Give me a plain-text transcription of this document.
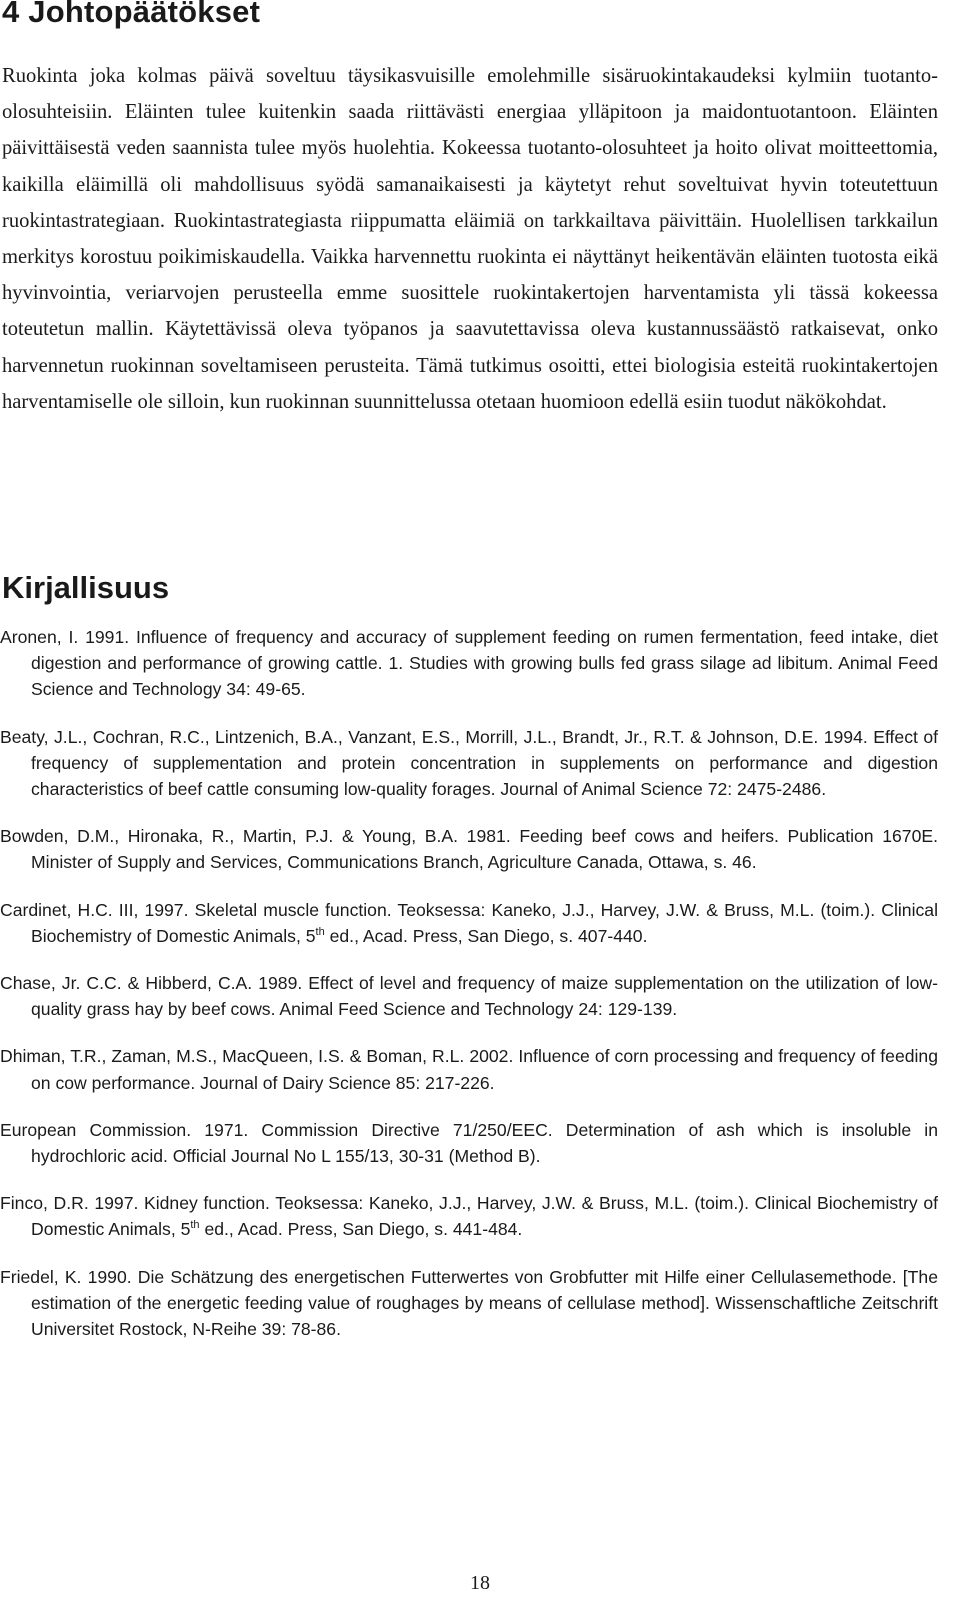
4 Johtopäätökset

Ruokinta joka kolmas päivä soveltuu täysikasvuisille emolehmille sisäruokintakaudeksi kylmiin tuotanto-olosuhteisiin. Eläinten tulee kuitenkin saada riittävästi energiaa ylläpitoon ja maidontuotantoon. Eläinten päivittäisestä veden saannista tulee myös huolehtia. Kokeessa tuotanto-olosuhteet ja hoito olivat moitteettomia, kaikilla eläimillä oli mahdollisuus syödä samanaikaisesti ja käytetyt rehut soveltuivat hyvin toteutettuun ruokintastrategiaan. Ruokintastrategiasta riippumatta eläimiä on tarkkailtava päivittäin. Huolellisen tarkkailun merkitys korostuu poikimiskaudella. Vaikka harvennettu ruokinta ei näyttänyt heikentävän eläinten tuotosta eikä hyvinvointia, veriarvojen perusteella emme suosittele ruokintakertojen harventamista yli tässä kokeessa toteutetun mallin. Käytettävissä oleva työpanos ja saavutettavissa oleva kustannussäästö ratkaisevat, onko harvennetun ruokinnan soveltamiseen perusteita. Tämä tutkimus osoitti, ettei biologisia esteitä ruokintakertojen harventamiselle ole silloin, kun ruokinnan suunnittelussa otetaan huomioon edellä esiin tuodut näkökohdat.

Kirjallisuus
Aronen, I. 1991. Influence of frequency and accuracy of supplement feeding on rumen fermentation, feed intake, diet digestion and performance of growing cattle. 1. Studies with growing bulls fed grass silage ad libitum. Animal Feed Science and Technology 34: 49-65.
Beaty, J.L., Cochran, R.C., Lintzenich, B.A., Vanzant, E.S., Morrill, J.L., Brandt, Jr., R.T. & Johnson, D.E. 1994. Effect of frequency of supplementation and protein concentration in supplements on performance and digestion characteristics of beef cattle consuming low-quality forages. Journal of Animal Science 72: 2475-2486.
Bowden, D.M., Hironaka, R., Martin, P.J. & Young, B.A. 1981. Feeding beef cows and heifers. Publication 1670E. Minister of Supply and Services, Communications Branch, Agriculture Canada, Ottawa, s. 46.
Cardinet, H.C. III, 1997. Skeletal muscle function. Teoksessa: Kaneko, J.J., Harvey, J.W. & Bruss, M.L. (toim.). Clinical Biochemistry of Domestic Animals, 5th ed., Acad. Press, San Diego, s. 407-440.
Chase, Jr. C.C. & Hibberd, C.A. 1989. Effect of level and frequency of maize supplementation on the utilization of low-quality grass hay by beef cows. Animal Feed Science and Technology 24: 129-139.
Dhiman, T.R., Zaman, M.S., MacQueen, I.S. & Boman, R.L. 2002. Influence of corn processing and frequency of feeding on cow performance. Journal of Dairy Science 85: 217-226.
European Commission. 1971. Commission Directive 71/250/EEC. Determination of ash which is insoluble in hydrochloric acid. Official Journal No L 155/13, 30-31 (Method B).
Finco, D.R. 1997. Kidney function. Teoksessa: Kaneko, J.J., Harvey, J.W. & Bruss, M.L. (toim.). Clinical Biochemistry of Domestic Animals, 5th ed., Acad. Press, San Diego, s. 441-484.
Friedel, K. 1990. Die Schätzung des energetischen Futterwertes von Grobfutter mit Hilfe einer Cellulasemethode. [The estimation of the energetic feeding value of roughages by means of cellulase method]. Wissenschaftliche Zeitschrift Universitet Rostock, N-Reihe 39: 78-86.
18
